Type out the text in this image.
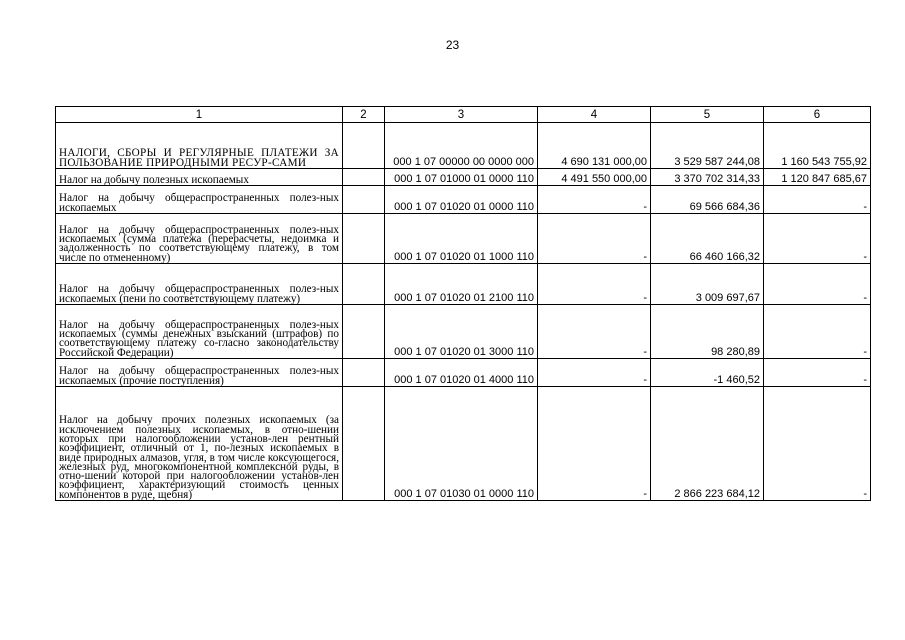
23
1	2	3	4	5	6
НАЛОГИ, СБОРЫ И РЕГУЛЯРНЫЕ ПЛАТЕЖИ ЗА ПОЛЬЗОВАНИЕ ПРИРОДНЫМИ РЕСУР-САМИ		000 1 07 00000 00 0000 000	4 690 131 000,00	3 529 587 244,08	1 160 543 755,92
Налог на добычу полезных ископаемых		000 1 07 01000 01 0000 110	4 491 550 000,00	3 370 702 314,33	1 120 847 685,67
Налог на добычу общераспространенных полез-ных ископаемых		000 1 07 01020 01 0000 110	-	69 566 684,36	-
Налог на добычу общераспространенных полез-ных ископаемых (сумма платежа (перерасчеты, недоимка и задолженность по соответствующему платежу, в том числе по отмененному)		000 1 07 01020 01 1000 110	-	66 460 166,32	-
Налог на добычу общераспространенных полез-ных ископаемых (пени по соответствующему платежу)		000 1 07 01020 01 2100 110	-	3 009 697,67	-
Налог на добычу общераспространенных полез-ных ископаемых (суммы денежных взысканий (штрафов) по соответствующему платежу со-гласно законодательству Российской Федерации)		000 1 07 01020 01 3000 110	-	98 280,89	-
Налог на добычу общераспространенных полез-ных ископаемых (прочие поступления)		000 1 07 01020 01 4000 110	-	-1 460,52	-
Налог на добычу прочих полезных ископаемых (за исключением полезных ископаемых, в отно-шении которых при налогообложении установ-лен рентный коэффициент, отличный от 1, по-лезных ископаемых в виде природных алмазов, угля, в том числе коксующегося, железных руд, многокомпонентной комплексной руды, в отно-шении которой при налогообложении установ-лен коэффициент, характеризующий стоимость ценных компонентов в руде, щебня)		000 1 07 01030 01 0000 110	-	2 866 223 684,12	-
